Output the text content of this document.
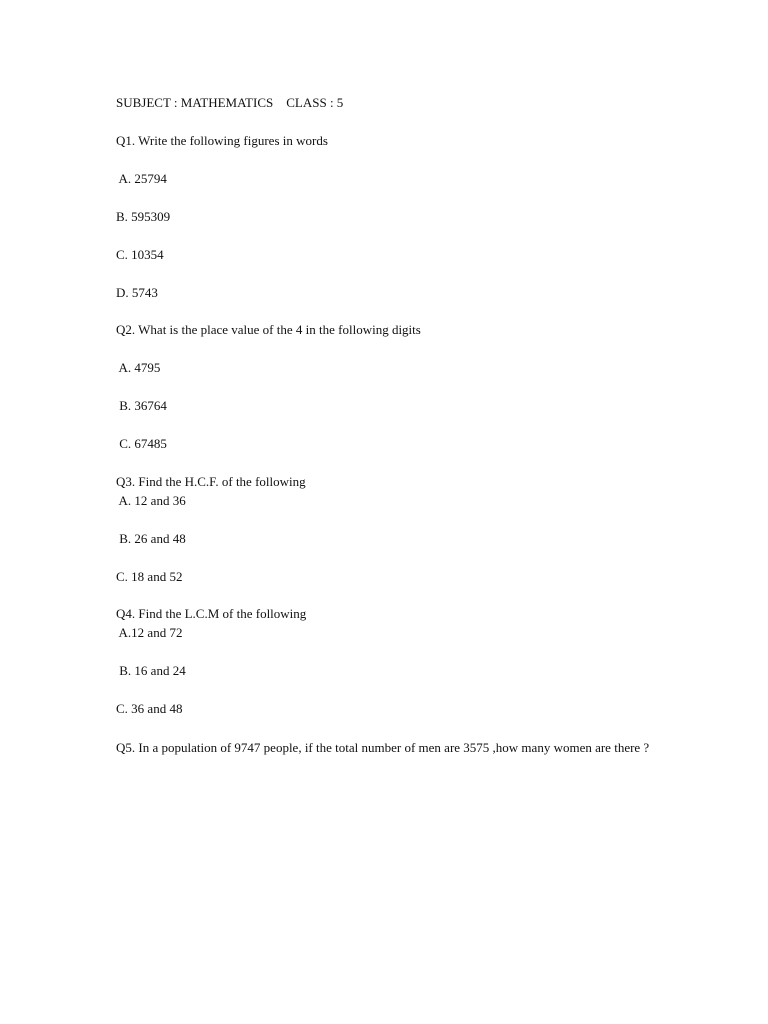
SUBJECT : MATHEMATICS    CLASS : 5
Q1. Write the following figures in words
A. 25794
B. 595309
C. 10354
D. 5743
Q2. What is the place value of the 4 in the following digits
A. 4795
B. 36764
C. 67485
Q3. Find the H.C.F. of the following
A. 12 and 36
B. 26 and 48
C. 18 and 52
Q4. Find the L.C.M of the following
A.12 and 72
B. 16 and 24
C. 36 and 48
Q5. In a population of 9747 people, if the total number of men are 3575 ,how many women are there ?
